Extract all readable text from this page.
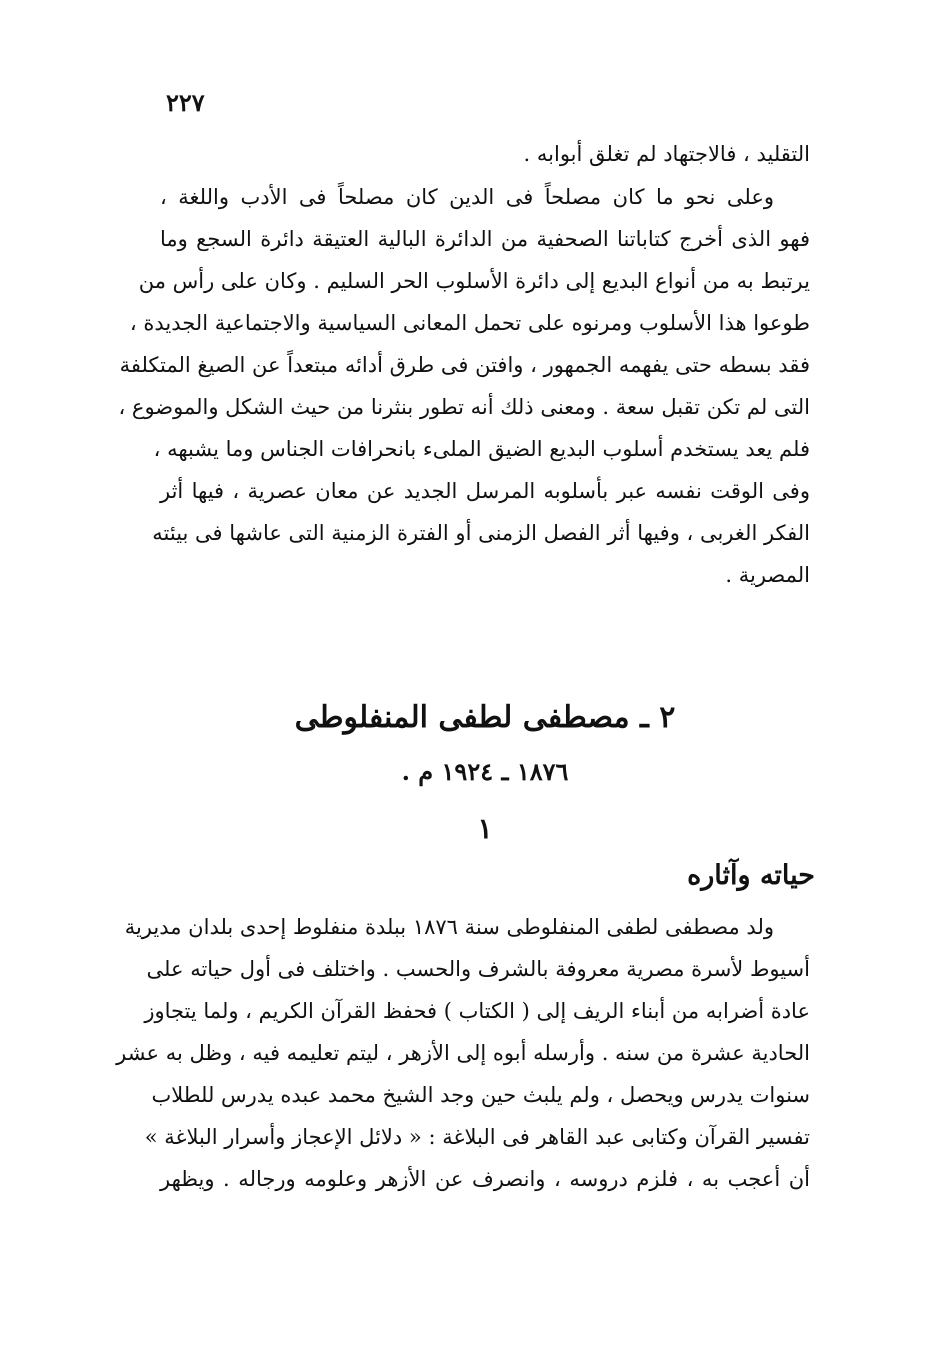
٢٢٧
التقليد ، فالاجتهاد لم تغلق أبوابه .
وعلى نحو ما كان مصلحاً فى الدين كان مصلحاً فى الأدب واللغة ،
فهو الذى أخرج كتاباتنا الصحفية من الدائرة البالية العتيقة دائرة السجع وما
يرتبط به من أنواع البديع إلى دائرة الأسلوب الحر السليم . وكان على رأس من
طوعوا هذا الأسلوب ومرنوه على تحمل المعانى السياسية والاجتماعية الجديدة ،
فقد بسطه حتى يفهمه الجمهور ، وافتن فى طرق أدائه مبتعداً عن الصيغ المتكلفة
التى لم تكن تقبل سعة . ومعنى ذلك أنه تطور بنثرنا من حيث الشكل والموضوع ،
فلم يعد يستخدم أسلوب البديع الضيق الملىء بانحرافات الجناس وما يشبهه ،
وفى الوقت نفسه عبر بأسلوبه المرسل الجديد عن معان عصرية ، فيها أثر
الفكر الغربى ، وفيها أثر الفصل الزمنى أو الفترة الزمنية التى عاشها فى بيئته
المصرية .
٢ ـ مصطفى لطفى المنفلوطى
١٨٧٦ ـ ١٩٢٤ م .
١
حياته وآثاره
ولد مصطفى لطفى المنفلوطى سنة ١٨٧٦ ببلدة منفلوط إحدى بلدان مديرية
أسيوط لأسرة مصرية معروفة بالشرف والحسب . واختلف فى أول حياته على
عادة أضرابه من أبناء الريف إلى ( الكتاب ) فحفظ القرآن الكريم ، ولما يتجاوز
الحادية عشرة من سنه . وأرسله أبوه إلى الأزهر ، ليتم تعليمه فيه ، وظل به عشر
سنوات يدرس ويحصل ، ولم يلبث حين وجد الشيخ محمد عبده يدرس للطلاب
تفسير القرآن وكتابى عبد القاهر فى البلاغة : « دلائل الإعجاز وأسرار البلاغة »
أن أعجب به ، فلزم دروسه ، وانصرف عن الأزهر وعلومه ورجاله . ويظهر
